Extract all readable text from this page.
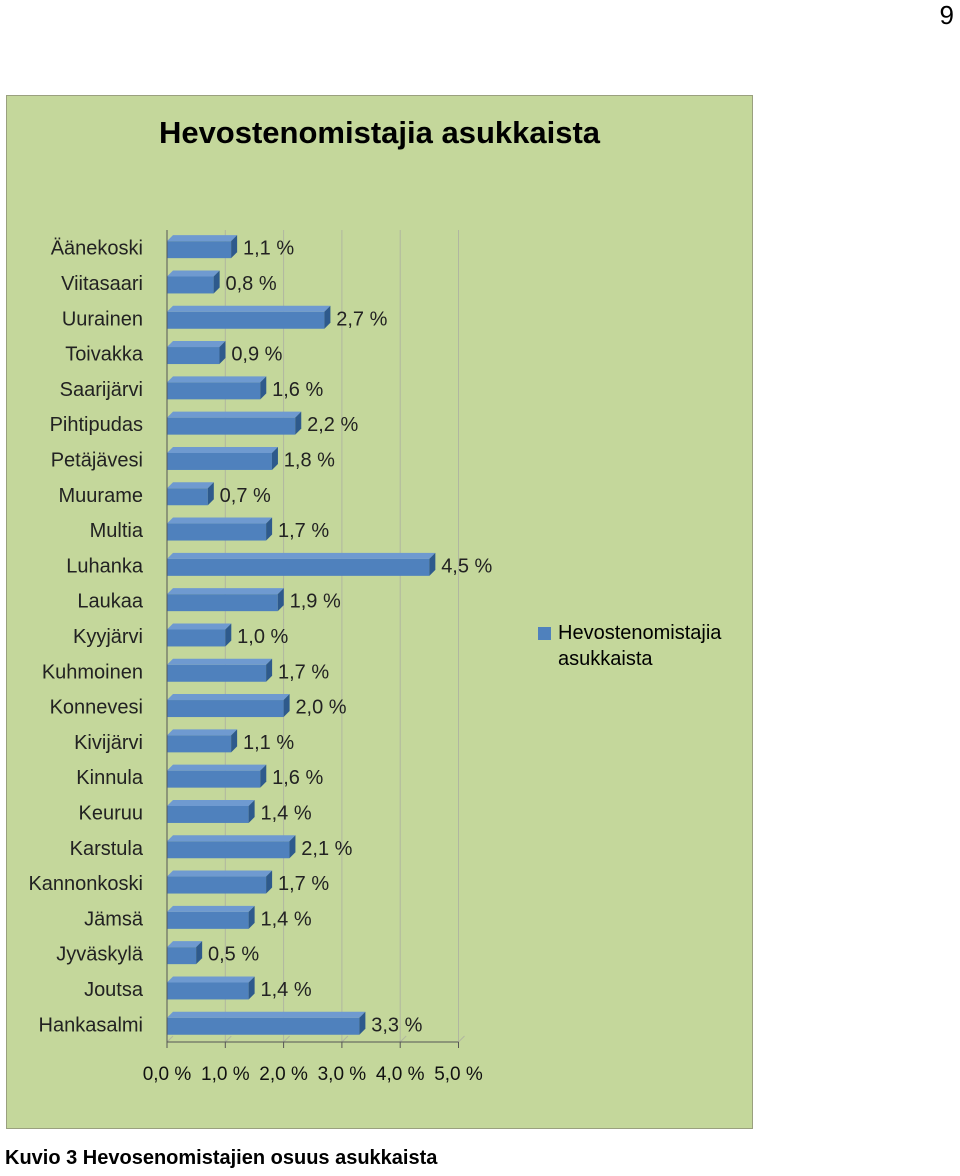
9
Hevostenomistajia asukkaista
Äänekoski	1,1 %
Viitasaari	0,8 %
Uurainen	2,7 %
Toivakka	0,9 %
Saarijärvi	1,6 %
Pihtipudas	2,2 %
Petäjävesi	1,8 %
Muurame	0,7 %
Multia	1,7 %
Luhanka	4,5 %
Laukaa	1,9 %
Kyyjärvi	1,0 %
Kuhmoinen	1,7 %
Konnevesi	2,0 %
Kivijärvi	1,1 %
Kinnula	1,6 %
Keuruu	1,4 %
Karstula	2,1 %
Kannonkoski	1,7 %
Jämsä	1,4 %
Jyväskylä	0,5 %
Joutsa	1,4 %
Hankasalmi	3,3 %
0,0 % 1,0 % 2,0 % 3,0 % 4,0 % 5,0 %
Hevostenomistajia asukkaista
Kuvio 3 Hevosenomistajien osuus asukkaista
